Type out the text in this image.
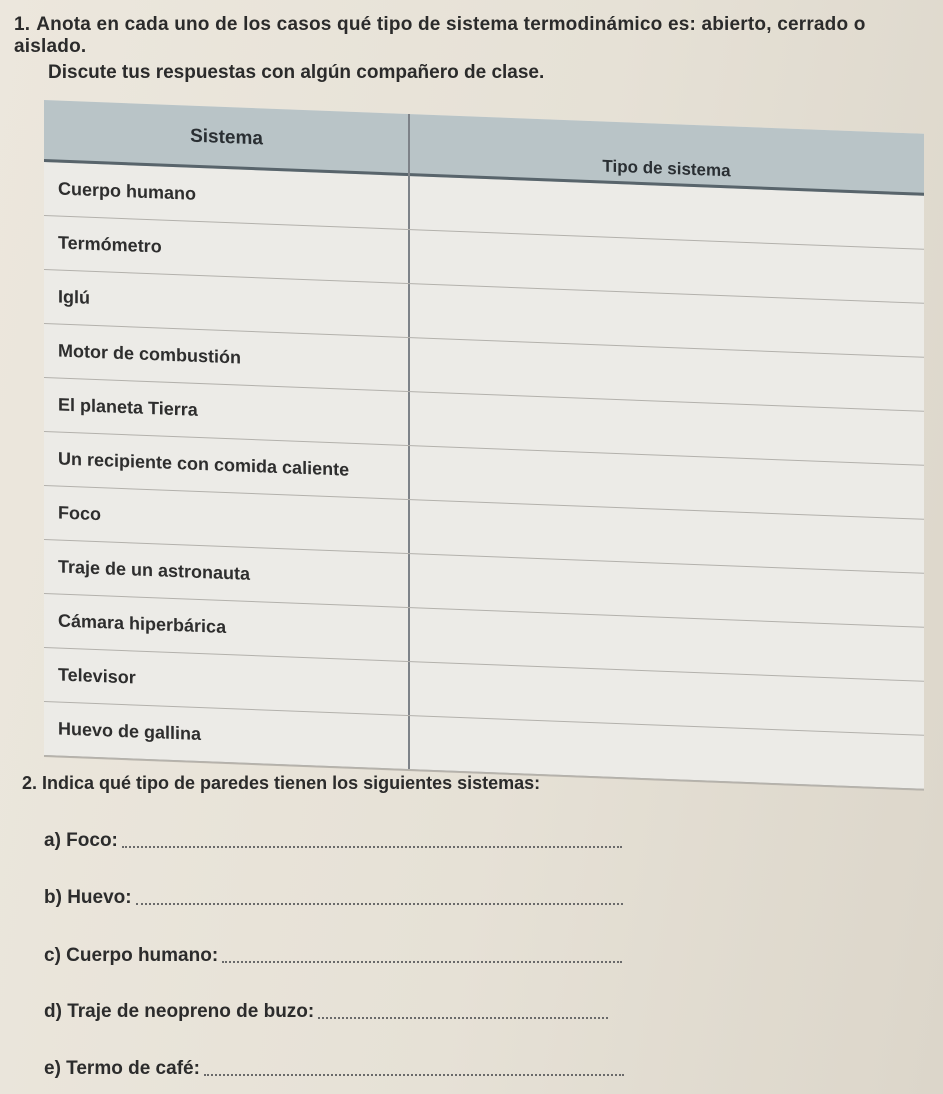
1. Anota en cada uno de los casos qué tipo de sistema termodinámico es: abierto, cerrado o aislado.
Discute tus respuestas con algún compañero de clase.
Sistema
Tipo de sistema
Cuerpo humano
Termómetro
Iglú
Motor de combustión
El planeta Tierra
Un recipiente con comida caliente
Foco
Traje de un astronauta
Cámara hiperbárica
Televisor
Huevo de gallina
2. Indica qué tipo de paredes tienen los siguientes sistemas:
a) Foco:
b) Huevo:
c) Cuerpo humano:
d) Traje de neopreno de buzo:
e) Termo de café:
